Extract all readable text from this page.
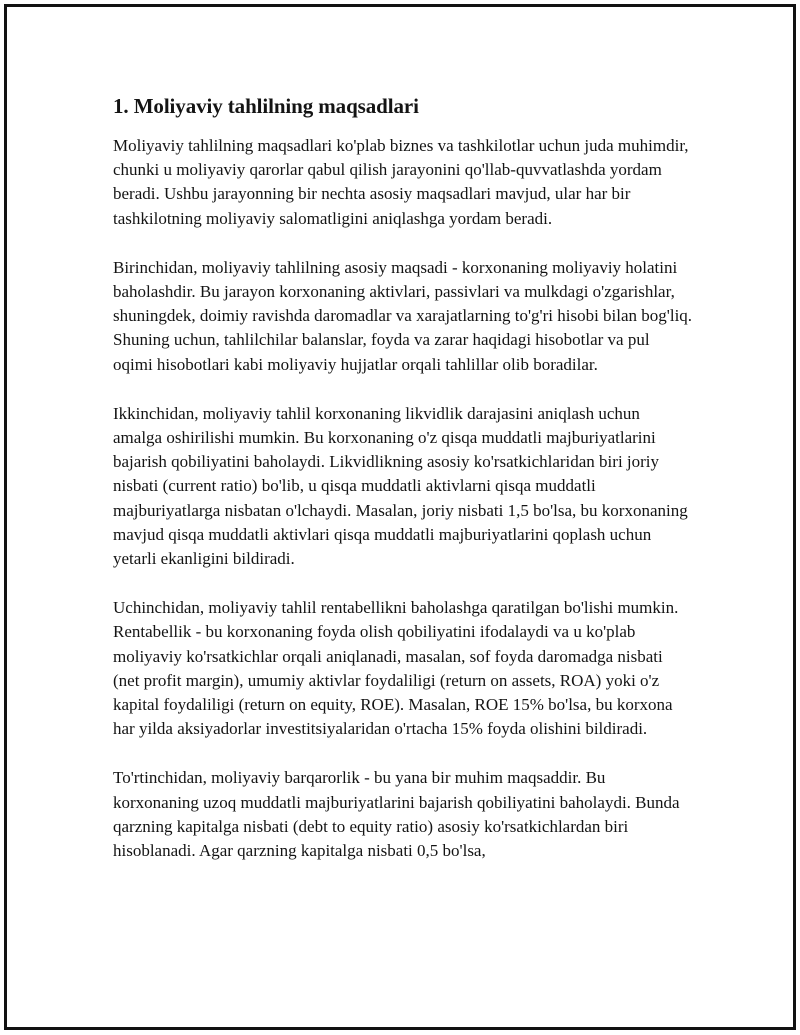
1. Moliyaviy tahlilning maqsadlari

Moliyaviy tahlilning maqsadlari ko'plab biznes va tashkilotlar uchun juda muhimdir, chunki u moliyaviy qarorlar qabul qilish jarayonini qo'llab-quvvatlashda yordam beradi. Ushbu jarayonning bir nechta asosiy maqsadlari mavjud, ular har bir tashkilotning moliyaviy salomatligini aniqlashga yordam beradi.

Birinchidan, moliyaviy tahlilning asosiy maqsadi - korxonaning moliyaviy holatini baholashdir. Bu jarayon korxonaning aktivlari, passivlari va mulkdagi o'zgarishlar, shuningdek, doimiy ravishda daromadlar va xarajatlarning to'g'ri hisobi bilan bog'liq. Shuning uchun, tahlilchilar balanslar, foyda va zarar haqidagi hisobotlar va pul oqimi hisobotlari kabi moliyaviy hujjatlar orqali tahlillar olib boradilar.

Ikkinchidan, moliyaviy tahlil korxonaning likvidlik darajasini aniqlash uchun amalga oshirilishi mumkin. Bu korxonaning o'z qisqa muddatli majburiyatlarini bajarish qobiliyatini baholaydi. Likvidlikning asosiy ko'rsatkichlaridan biri joriy nisbati (current ratio) bo'lib, u qisqa muddatli aktivlarni qisqa muddatli majburiyatlarga nisbatan o'lchaydi. Masalan, joriy nisbati 1,5 bo'lsa, bu korxonaning mavjud qisqa muddatli aktivlari qisqa muddatli majburiyatlarini qoplash uchun yetarli ekanligini bildiradi.

Uchinchidan, moliyaviy tahlil rentabellikni baholashga qaratilgan bo'lishi mumkin. Rentabellik - bu korxonaning foyda olish qobiliyatini ifodalaydi va u ko'plab moliyaviy ko'rsatkichlar orqali aniqlanadi, masalan, sof foyda daromadga nisbati (net profit margin), umumiy aktivlar foydaliligi (return on assets, ROA) yoki o'z kapital foydaliligi (return on equity, ROE). Masalan, ROE 15% bo'lsa, bu korxona har yilda aksiyadorlar investitsiyalaridan o'rtacha 15% foyda olishini bildiradi.

To'rtinchidan, moliyaviy barqarorlik - bu yana bir muhim maqsaddir. Bu korxonaning uzoq muddatli majburiyatlarini bajarish qobiliyatini baholaydi. Bunda qarzning kapitalga nisbati (debt to equity ratio) asosiy ko'rsatkichlardan biri hisoblanadi. Agar qarzning kapitalga nisbati 0,5 bo'lsa,
